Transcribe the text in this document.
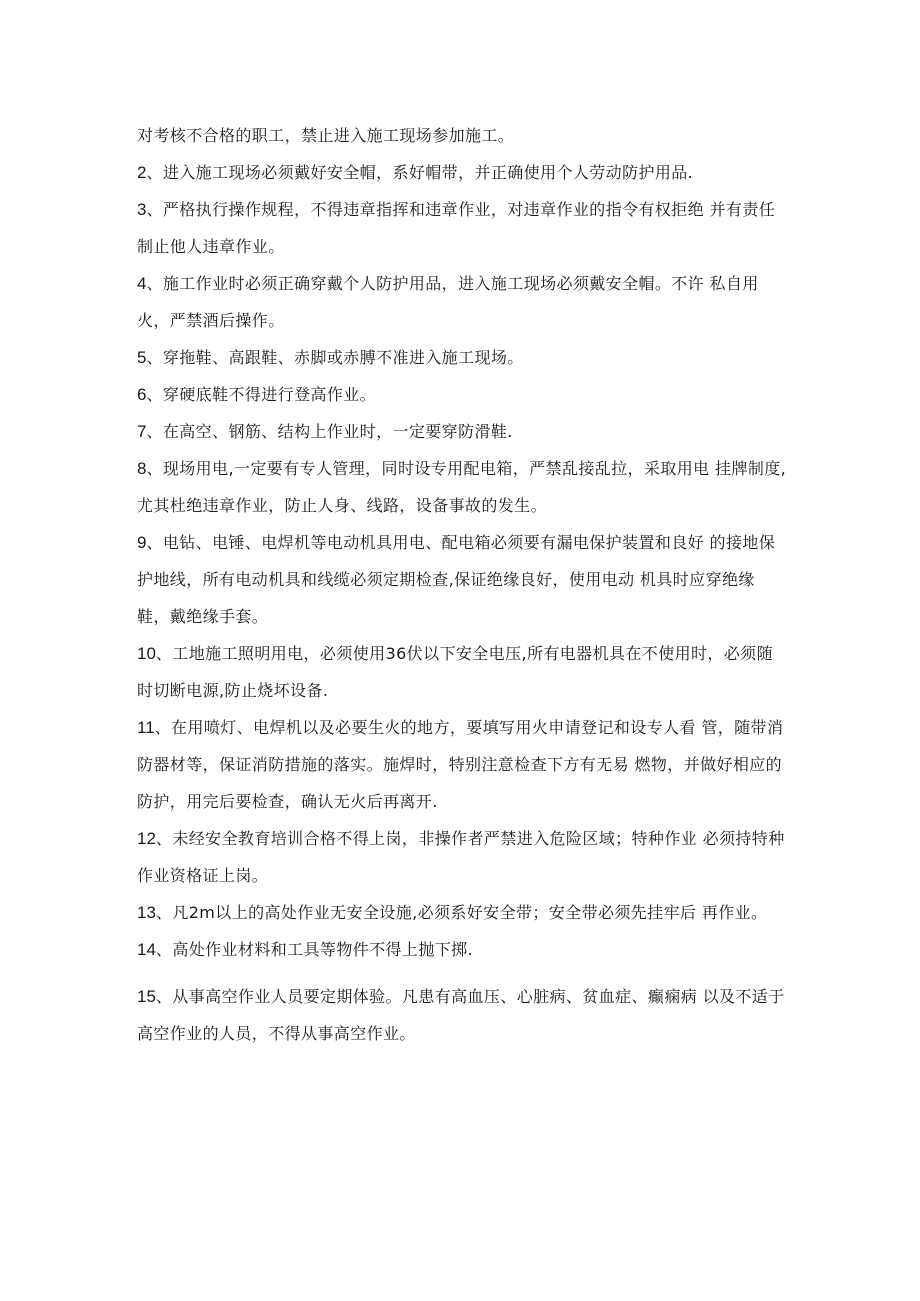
对考核不合格的职工，禁止进入施工现场参加施工。

2、进入施工现场必须戴好安全帽，系好帽带，并正确使用个人劳动防护用品.

3、严格执行操作规程，不得违章指挥和违章作业，对违章作业的指令有权拒绝 并有责任制止他人违章作业。

4、施工作业时必须正确穿戴个人防护用品，进入施工现场必须戴安全帽。不许 私自用火，严禁酒后操作。

5、穿拖鞋、高跟鞋、赤脚或赤膊不准进入施工现场。

6、穿硬底鞋不得进行登高作业。

7、在高空、钢筋、结构上作业时，一定要穿防滑鞋.

8、现场用电,一定要有专人管理，同时设专用配电箱，严禁乱接乱拉，采取用电 挂牌制度,尤其杜绝违章作业，防止人身、线路，设备事故的发生。

9、电钻、电锤、电焊机等电动机具用电、配电箱必须要有漏电保护装置和良好 的接地保护地线，所有电动机具和线缆必须定期检查,保证绝缘良好，使用电动 机具时应穿绝缘鞋，戴绝缘手套。

10、工地施工照明用电，必须使用36伏以下安全电压,所有电器机具在不使用时，必须随时切断电源,防止烧坏设备.

11、在用喷灯、电焊机以及必要生火的地方，要填写用火申请登记和设专人看 管，随带消防器材等，保证消防措施的落实。施焊时，特别注意检查下方有无易 燃物，并做好相应的防护，用完后要检查，确认无火后再离开.

12、未经安全教育培训合格不得上岗，非操作者严禁进入危险区域；特种作业 必须持特种作业资格证上岗。

13、凡2m以上的高处作业无安全设施,必须系好安全带；安全带必须先挂牢后 再作业。

14、高处作业材料和工具等物件不得上抛下掷.

15、从事高空作业人员要定期体验。凡患有高血压、心脏病、贫血症、癫痫病 以及不适于高空作业的人员，不得从事高空作业。
